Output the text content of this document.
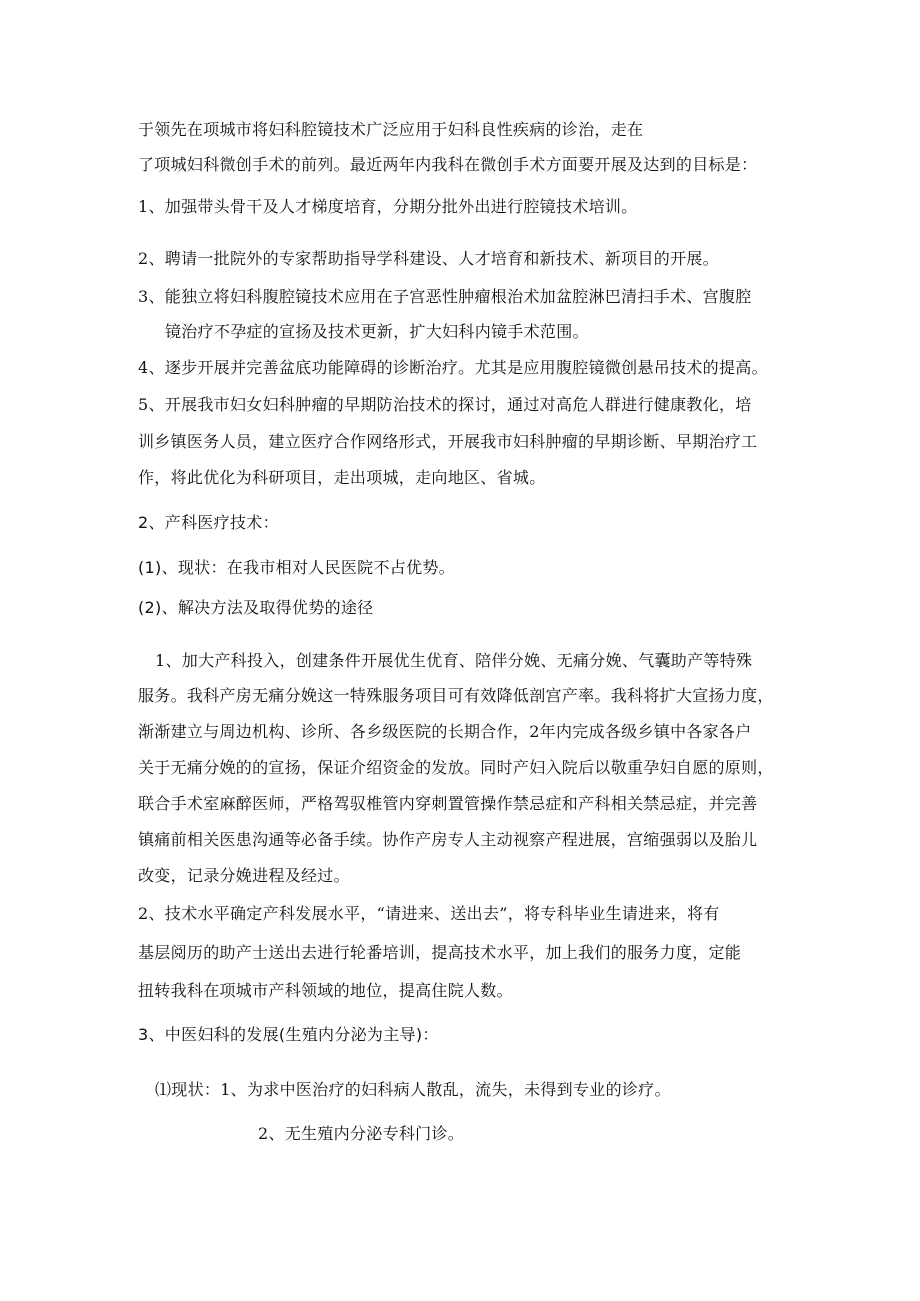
于领先在项城市将妇科腔镜技术广泛应用于妇科良性疾病的诊治，走在
了项城妇科微创手术的前列。最近两年内我科在微创手术方面要开展及达到的目标是：
1、加强带头骨干及人才梯度培育，分期分批外出进行腔镜技术培训。
2、聘请一批院外的专家帮助指导学科建设、人才培育和新技术、新项目的开展。
3、能独立将妇科腹腔镜技术应用在子宫恶性肿瘤根治术加盆腔淋巴清扫手术、宫腹腔
镜治疗不孕症的宣扬及技术更新，扩大妇科内镜手术范围。
4、逐步开展并完善盆底功能障碍的诊断治疗。尤其是应用腹腔镜微创悬吊技术的提高。
5、开展我市妇女妇科肿瘤的早期防治技术的探讨，通过对高危人群进行健康教化，培
训乡镇医务人员，建立医疗合作网络形式，开展我市妇科肿瘤的早期诊断、早期治疗工
作，将此优化为科研项目，走出项城，走向地区、省城。
2、产科医疗技术：
(1)、现状：在我市相对人民医院不占优势。
(2)、解决方法及取得优势的途径
1、加大产科投入，创建条件开展优生优育、陪伴分娩、无痛分娩、气囊助产等特殊
服务。我科产房无痛分娩这一特殊服务项目可有效降低剖宫产率。我科将扩大宣扬力度，
渐渐建立与周边机构、诊所、各乡级医院的长期合作，2年内完成各级乡镇中各家各户
关于无痛分娩的的宣扬，保证介绍资金的发放。同时产妇入院后以敬重孕妇自愿的原则，
联合手术室麻醉医师，严格驾驭椎管内穿刺置管操作禁忌症和产科相关禁忌症，并完善
镇痛前相关医患沟通等必备手续。协作产房专人主动视察产程进展，宫缩强弱以及胎儿
改变，记录分娩进程及经过。
2、技术水平确定产科发展水平，“请进来、送出去”，将专科毕业生请进来，将有
基层阅历的助产士送出去进行轮番培训，提高技术水平，加上我们的服务力度，定能
扭转我科在项城市产科领域的地位，提高住院人数。
3、中医妇科的发展(生殖内分泌为主导)：
⑴现状：1、为求中医治疗的妇科病人散乱，流失，未得到专业的诊疗。
2、无生殖内分泌专科门诊。
